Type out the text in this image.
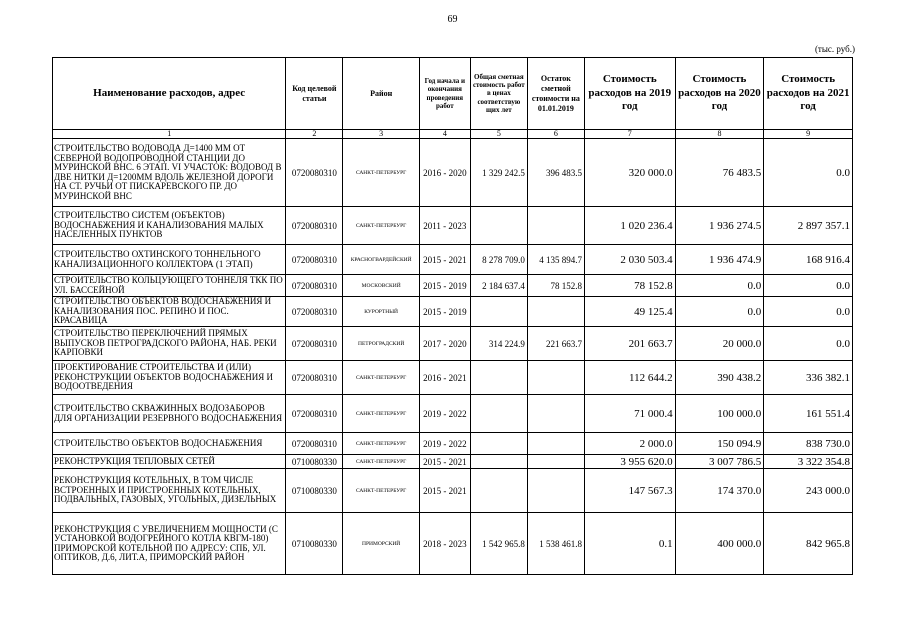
69
(тыс. руб.)
Наименование расходов, адрес	Код целевой статьи	Район	Год начала и окончания проведения работ	Общая сметная стоимость работ в ценах соответствую щих лет	Остаток сметной стоимости на 01.01.2019	Стоимость расходов на 2019 год	Стоимость расходов на 2020 год	Стоимость расходов на 2021 год
1	2	3	4	5	6	7	8	9
СТРОИТЕЛЬСТВО ВОДОВОДА Д=1400 ММ ОТ СЕВЕРНОЙ ВОДОПРОВОДНОЙ СТАНЦИИ ДО МУРИНСКОЙ ВНС. 6 ЭТАП. VI УЧАСТОК: ВОДОВОД В ДВЕ НИТКИ Д=1200ММ ВДОЛЬ ЖЕЛЕЗНОЙ ДОРОГИ НА СТ. РУЧЬИ ОТ ПИСКАРЕВСКОГО ПР. ДО МУРИНСКОЙ ВНС	0720080310	САНКТ-ПЕТЕРБУРГ	2016 - 2020	1 329 242.5	396 483.5	320 000.0	76 483.5	0.0
СТРОИТЕЛЬСТВО СИСТЕМ (ОБЪЕКТОВ) ВОДОСНАБЖЕНИЯ И КАНАЛИЗОВАНИЯ МАЛЫХ НАСЕЛЕННЫХ ПУНКТОВ	0720080310	САНКТ-ПЕТЕРБУРГ	2011 - 2023			1 020 236.4	1 936 274.5	2 897 357.1
СТРОИТЕЛЬСТВО ОХТИНСКОГО ТОННЕЛЬНОГО КАНАЛИЗАЦИОННОГО КОЛЛЕКТОРА (1 ЭТАП)	0720080310	КРАСНОГВАРДЕЙСКИЙ	2015 - 2021	8 278 709.0	4 135 894.7	2 030 503.4	1 936 474.9	168 916.4
СТРОИТЕЛЬСТВО КОЛЬЦУЮЩЕГО ТОННЕЛЯ ТКК ПО УЛ. БАССЕЙНОЙ	0720080310	МОСКОВСКИЙ	2015 - 2019	2 184 637.4	78 152.8	78 152.8	0.0	0.0
СТРОИТЕЛЬСТВО ОБЪЕКТОВ ВОДОСНАБЖЕНИЯ И КАНАЛИЗОВАНИЯ ПОС. РЕПИНО И ПОС. КРАСАВИЦА	0720080310	КУРОРТНЫЙ	2015 - 2019			49 125.4	0.0	0.0
СТРОИТЕЛЬСТВО ПЕРЕКЛЮЧЕНИЙ ПРЯМЫХ ВЫПУСКОВ ПЕТРОГРАДСКОГО РАЙОНА, НАБ. РЕКИ КАРПОВКИ	0720080310	ПЕТРОГРАДСКИЙ	2017 - 2020	314 224.9	221 663.7	201 663.7	20 000.0	0.0
ПРОЕКТИРОВАНИЕ СТРОИТЕЛЬСТВА И (ИЛИ) РЕКОНСТРУКЦИИ ОБЪЕКТОВ ВОДОСНАБЖЕНИЯ И ВОДООТВЕДЕНИЯ	0720080310	САНКТ-ПЕТЕРБУРГ	2016 - 2021			112 644.2	390 438.2	336 382.1
СТРОИТЕЛЬСТВО СКВАЖИННЫХ ВОДОЗАБОРОВ ДЛЯ ОРГАНИЗАЦИИ РЕЗЕРВНОГО ВОДОСНАБЖЕНИЯ	0720080310	САНКТ-ПЕТЕРБУРГ	2019 - 2022			71 000.4	100 000.0	161 551.4
СТРОИТЕЛЬСТВО ОБЪЕКТОВ ВОДОСНАБЖЕНИЯ	0720080310	САНКТ-ПЕТЕРБУРГ	2019 - 2022			2 000.0	150 094.9	838 730.0
РЕКОНСТРУКЦИЯ ТЕПЛОВЫХ СЕТЕЙ	0710080330	САНКТ-ПЕТЕРБУРГ	2015 - 2021			3 955 620.0	3 007 786.5	3 322 354.8
РЕКОНСТРУКЦИЯ КОТЕЛЬНЫХ, В ТОМ ЧИСЛЕ ВСТРОЕННЫХ И ПРИСТРОЕННЫХ КОТЕЛЬНЫХ, ПОДВАЛЬНЫХ, ГАЗОВЫХ, УГОЛЬНЫХ, ДИЗЕЛЬНЫХ	0710080330	САНКТ-ПЕТЕРБУРГ	2015 - 2021			147 567.3	174 370.0	243 000.0
РЕКОНСТРУКЦИЯ С УВЕЛИЧЕНИЕМ МОЩНОСТИ (С УСТАНОВКОЙ ВОДОГРЕЙНОГО КОТЛА КВГМ-180) ПРИМОРСКОЙ КОТЕЛЬНОЙ ПО АДРЕСУ: СПБ, УЛ. ОПТИКОВ, Д.6, ЛИТ.А, ПРИМОРСКИЙ РАЙОН	0710080330	ПРИМОРСКИЙ	2018 - 2023	1 542 965.8	1 538 461.8	0.1	400 000.0	842 965.8
